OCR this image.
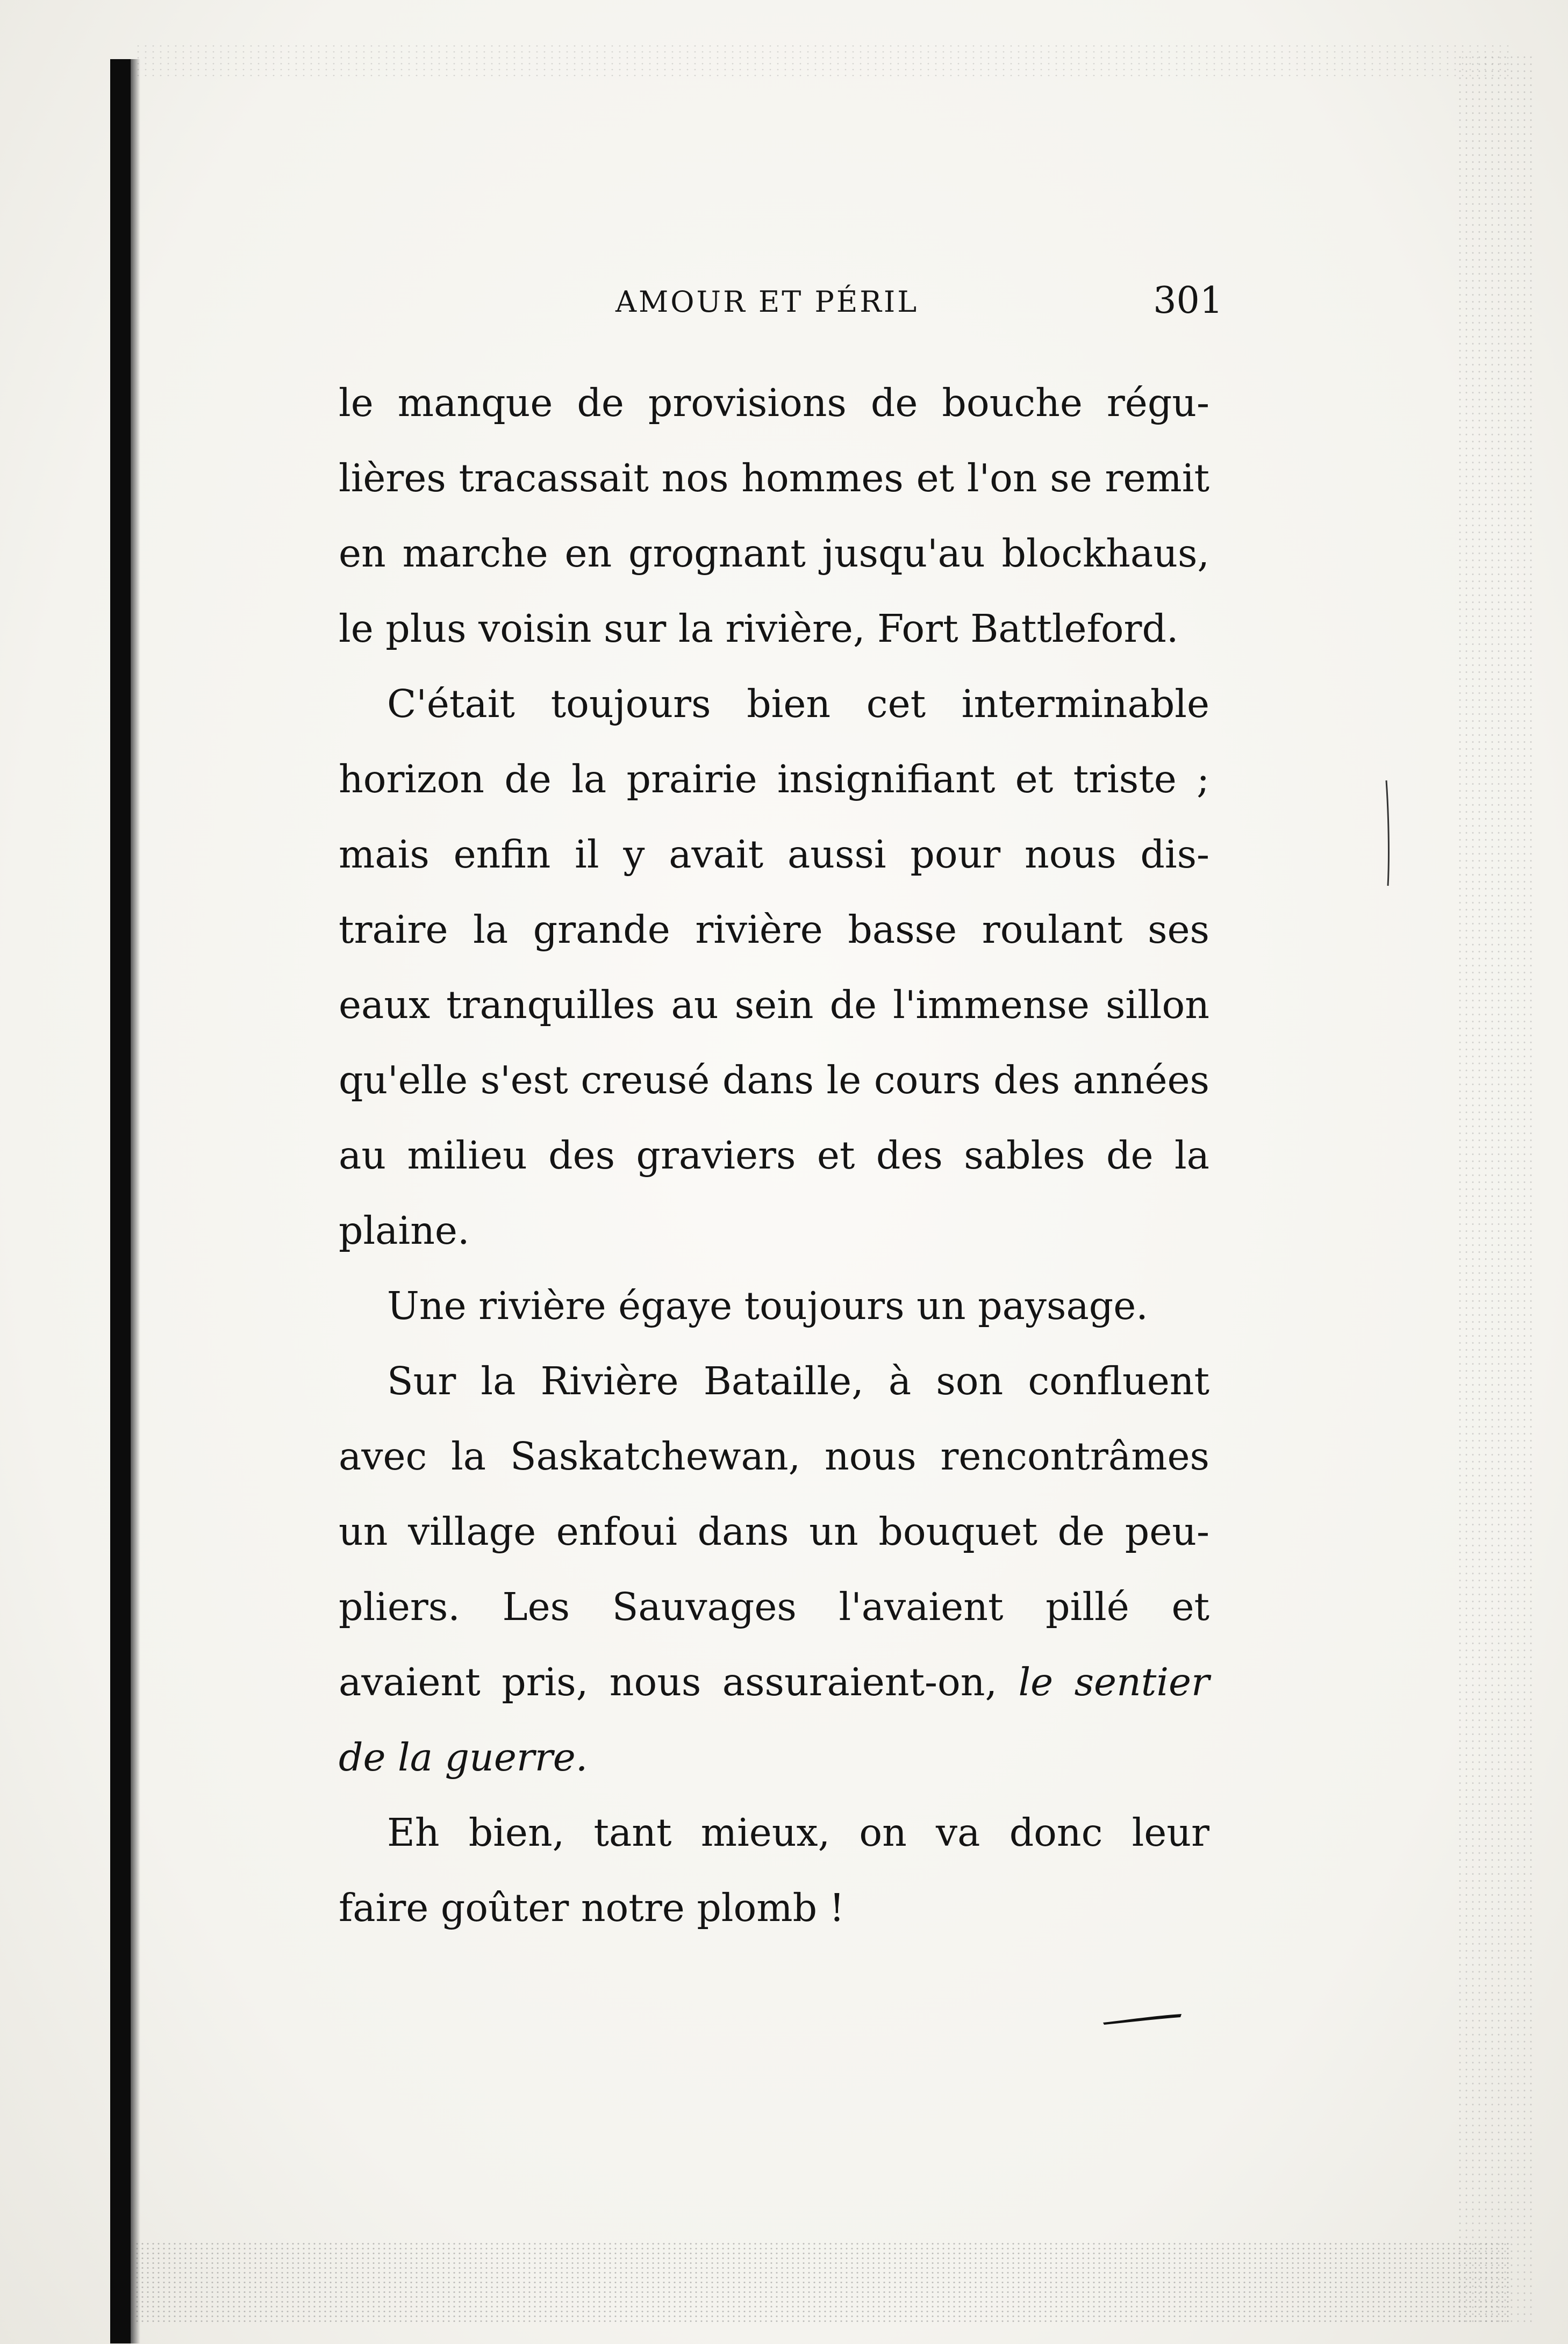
AMOUR ET PÉRIL	301
le manque de provisions de bouche régu-
lières tracassait nos hommes et l'on se remit
en marche en grognant jusqu'au blockhaus,
le plus voisin sur la rivière, Fort Battleford.
C'était toujours bien cet interminable
horizon de la prairie insignifiant et triste ;
mais enfin il y avait aussi pour nous dis-
traire la grande rivière basse roulant ses
eaux tranquilles au sein de l'immense sillon
qu'elle s'est creusé dans le cours des années
au milieu des graviers et des sables de la
plaine.
Une rivière égaye toujours un paysage.
Sur la Rivière Bataille, à son confluent
avec la Saskatchewan, nous rencontrâmes
un village enfoui dans un bouquet de peu-
pliers. Les Sauvages l'avaient pillé et
avaient pris, nous assuraient-on, le sentier
de la guerre.
Eh bien, tant mieux, on va donc leur
faire goûter notre plomb !
